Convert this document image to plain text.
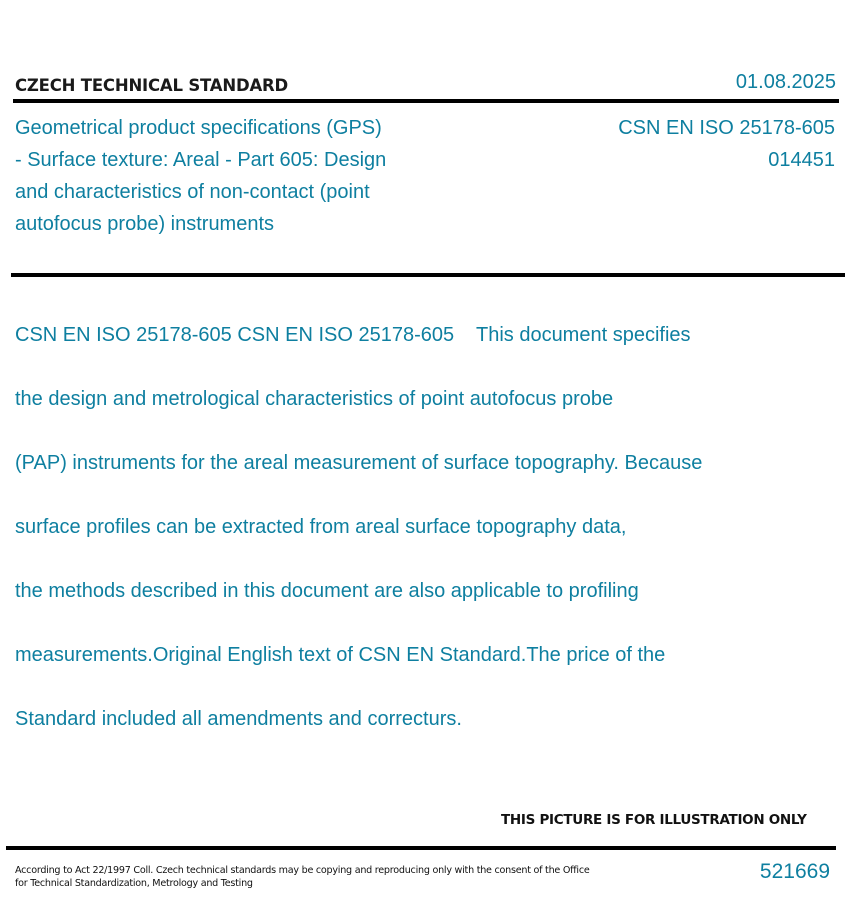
CZECH TECHNICAL STANDARD	01.08.2025
Geometrical product specifications (GPS)
- Surface texture: Areal - Part 605: Design
and characteristics of non-contact (point
autofocus probe) instruments
CSN EN ISO 25178-605
014451

CSN EN ISO 25178-605 CSN EN ISO 25178-605    This document specifies

the design and metrological characteristics of point autofocus probe

(PAP) instruments for the areal measurement of surface topography. Because

surface profiles can be extracted from areal surface topography data,

the methods described in this document are also applicable to profiling

measurements.Original English text of CSN EN Standard.The price of the

Standard included all amendments and correcturs.

THIS PICTURE IS FOR ILLUSTRATION ONLY
According to Act 22/1997 Coll. Czech technical standards may be copying and reproducing only with the consent of the Office
for Technical Standardization, Metrology and Testing
521669
